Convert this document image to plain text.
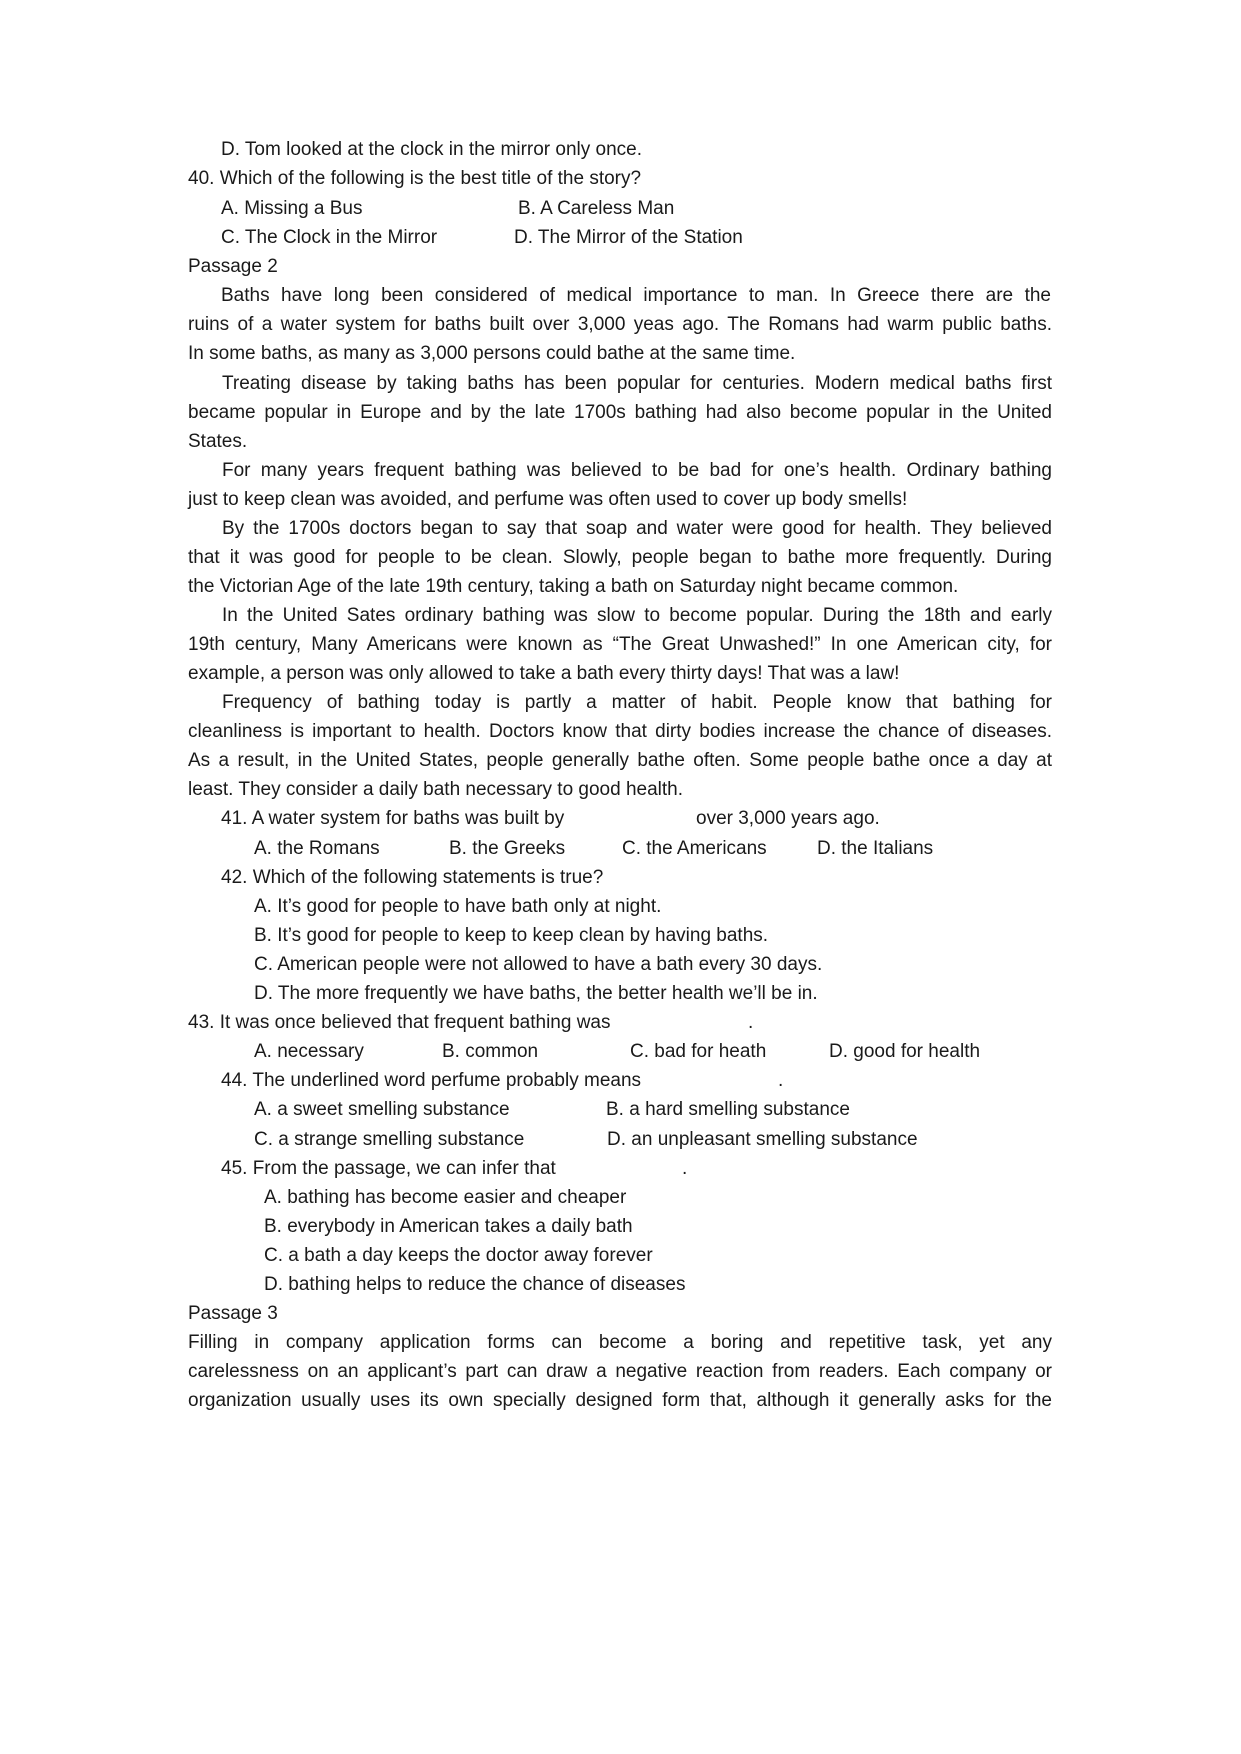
D. Tom looked at the clock in the mirror only once.
40. Which of the following is the best title of the story?
A. Missing a Bus	B. A Careless Man
C. The Clock in the Mirror	D. The Mirror of the Station
Passage 2
Baths have long been considered of medical importance to man. In Greece there are the
ruins of a water system for baths built over 3,000 yeas ago. The Romans had warm public baths.
In some baths, as many as 3,000 persons could bathe at the same time.
Treating disease by taking baths has been popular for centuries. Modern medical baths first
became popular in Europe and by the late 1700s bathing had also become popular in the United
States.
For many years frequent bathing was believed to be bad for one’s health. Ordinary bathing
just to keep clean was avoided, and perfume was often used to cover up body smells!
By the 1700s doctors began to say that soap and water were good for health. They believed
that it was good for people to be clean. Slowly, people began to bathe more frequently. During
the Victorian Age of the late 19th century, taking a bath on Saturday night became common.
In the United Sates ordinary bathing was slow to become popular. During the 18th and early
19th century, Many Americans were known as “The Great Unwashed!” In one American city, for
example, a person was only allowed to take a bath every thirty days! That was a law!
Frequency of bathing today is partly a matter of habit. People know that bathing for
cleanliness is important to health. Doctors know that dirty bodies increase the chance of diseases.
As a result, in the United States, people generally bathe often. Some people bathe once a day at
least. They consider a daily bath necessary to good health.
41. A water system for baths was built by	over 3,000 years ago.
A. the Romans	B. the Greeks	C. the Americans	D. the Italians
42. Which of the following statements is true?
A. It’s good for people to have bath only at night.
B. It’s good for people to keep to keep clean by having baths.
C. American people were not allowed to have a bath every 30 days.
D. The more frequently we have baths, the better health we’ll be in.
43. It was once believed that frequent bathing was	.
A. necessary	B. common	C. bad for heath	D. good for health
44. The underlined word perfume probably means	.
A. a sweet smelling substance	B. a hard smelling substance
C. a strange smelling substance	D. an unpleasant smelling substance
45. From the passage, we can infer that	.
A. bathing has become easier and cheaper
B. everybody in American takes a daily bath
C. a bath a day keeps the doctor away forever
D. bathing helps to reduce the chance of diseases
Passage 3
Filling in company application forms can become a boring and repetitive task, yet any
carelessness on an applicant’s part can draw a negative reaction from readers. Each company or
organization usually uses its own specially designed form that, although it generally asks for the
